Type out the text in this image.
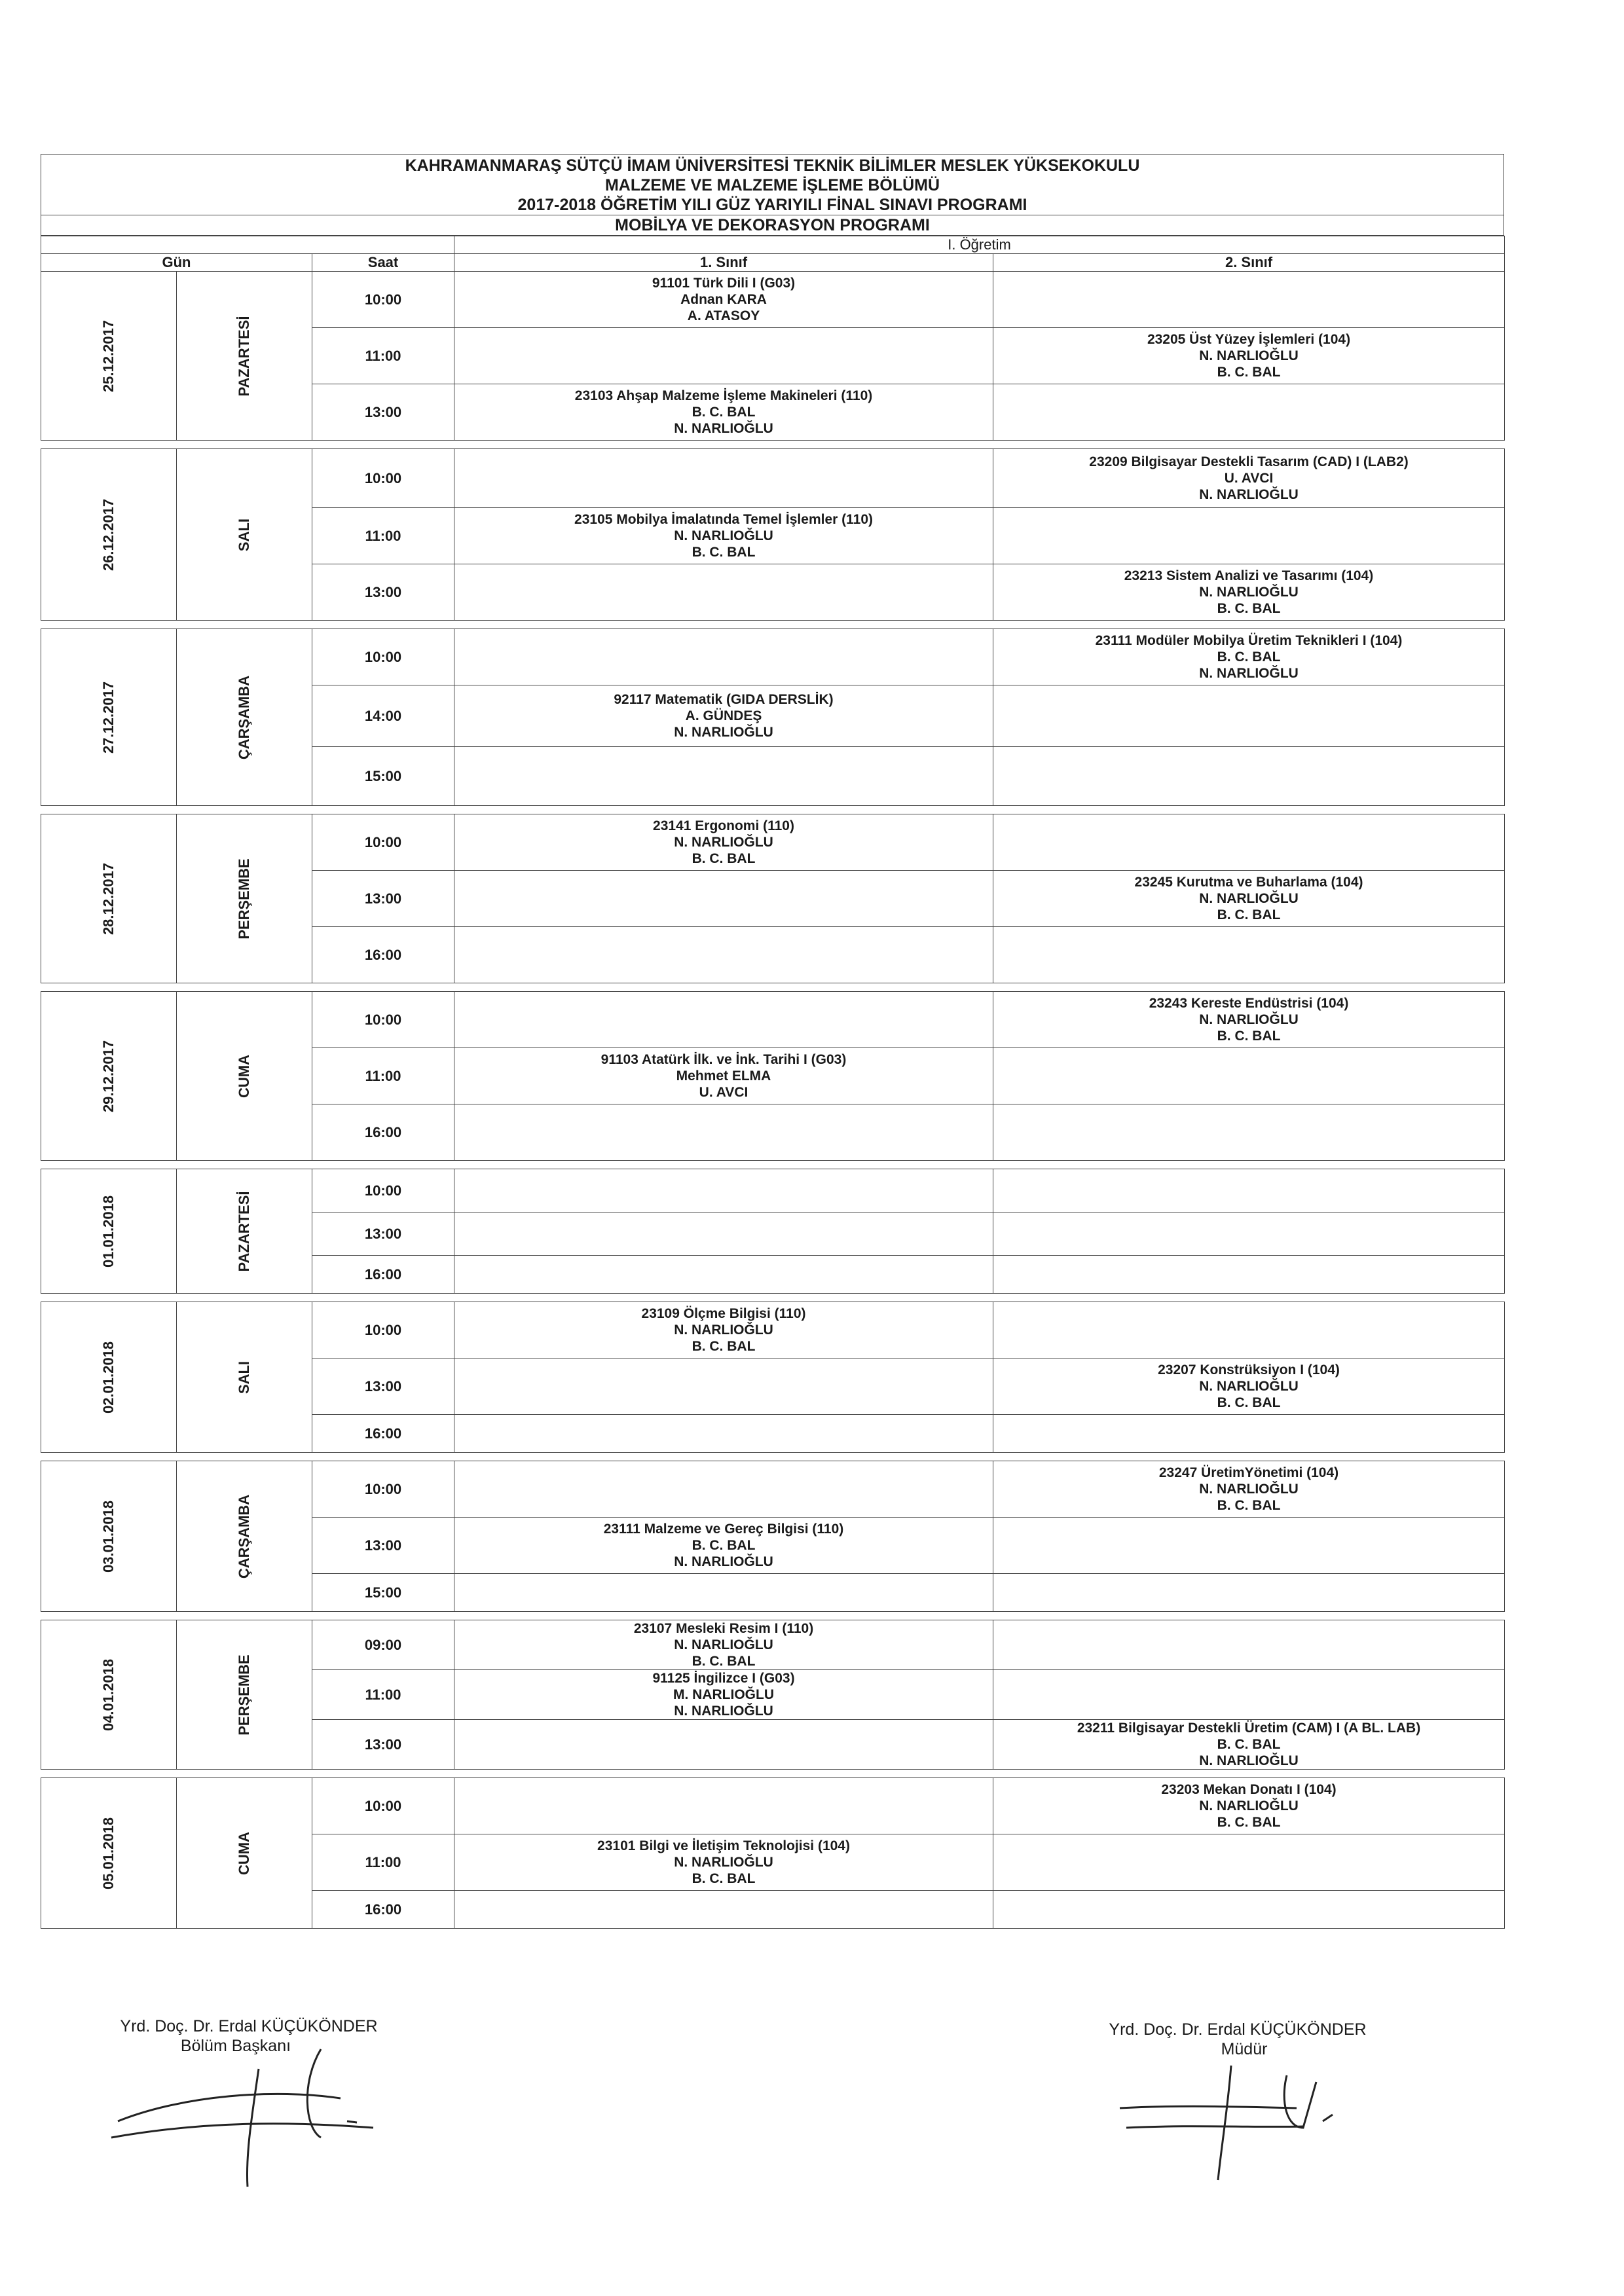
KAHRAMANMARAŞ SÜTÇÜ İMAM ÜNİVERSİTESİ TEKNİK BİLİMLER MESLEK YÜKSEKOKULU
MALZEME VE MALZEME İŞLEME BÖLÜMÜ
2017-2018 ÖĞRETİM YILI GÜZ YARIYILI FİNAL SINAVI PROGRAMI
MOBİLYA VE DEKORASYON PROGRAMI
			I. Öğretim	
Gün		Saat	1. Sınıf	2. Sınıf

25.12.2017	PAZARTESİ	10:00	91101 Türk Dili I (G03)
Adnan KARA
A. ATASOY	

		11:00		23205 Üst Yüzey İşlemleri (104)
N. NARLIOĞLU
B. C. BAL

		13:00	23103 Ahşap Malzeme İşleme Makineleri (110)
B. C. BAL
N. NARLIOĞLU	

26.12.2017	SALI	10:00		23209 Bilgisayar Destekli Tasarım (CAD) I (LAB2)
U. AVCI
N. NARLIOĞLU

		11:00	23105 Mobilya İmalatında Temel İşlemler (110)
N. NARLIOĞLU
B. C. BAL	

		13:00		23213 Sistem Analizi ve Tasarımı (104)
N. NARLIOĞLU
B. C. BAL

27.12.2017	ÇARŞAMBA	10:00		23111 Modüler Mobilya Üretim Teknikleri I (104)
B. C. BAL
N. NARLIOĞLU

		14:00	92117 Matematik (GIDA DERSLİK)
A. GÜNDEŞ
N. NARLIOĞLU	

		15:00		

28.12.2017	PERŞEMBE	10:00	23141 Ergonomi (110)
N. NARLIOĞLU
B. C. BAL	

		13:00		23245 Kurutma ve Buharlama (104)
N. NARLIOĞLU
B. C. BAL

		16:00		

29.12.2017	CUMA	10:00		23243 Kereste Endüstrisi (104)
N. NARLIOĞLU
B. C. BAL

		11:00	91103 Atatürk İlk. ve İnk. Tarihi I (G03)
Mehmet ELMA
U. AVCI	

		16:00		

01.01.2018	PAZARTESİ	10:00		
		13:00		
		16:00		

02.01.2018	SALI	10:00	23109 Ölçme Bilgisi (110)
N. NARLIOĞLU
B. C. BAL	

		13:00		23207 Konstrüksiyon I (104)
N. NARLIOĞLU
B. C. BAL

		16:00		

03.01.2018	ÇARŞAMBA	10:00		23247 ÜretimYönetimi (104)
N. NARLIOĞLU
B. C. BAL

		13:00	23111 Malzeme ve Gereç Bilgisi (110)
B. C. BAL
N. NARLIOĞLU	

		15:00		

04.01.2018	PERŞEMBE	09:00	23107 Mesleki Resim I (110)
N. NARLIOĞLU
B. C. BAL	

		11:00	91125 İngilizce I (G03)
M. NARLIOĞLU
N. NARLIOĞLU	

		13:00		23211 Bilgisayar Destekli Üretim (CAM) I (A BL. LAB)
B. C. BAL
N. NARLIOĞLU

05.01.2018	CUMA	10:00		23203 Mekan Donatı I (104)
N. NARLIOĞLU
B. C. BAL

		11:00	23101 Bilgi ve İletişim Teknolojisi (104)
N. NARLIOĞLU
B. C. BAL	

		16:00		
Yrd. Doç. Dr. Erdal KÜÇÜKÖNDER
Bölüm Başkanı
Yrd. Doç. Dr. Erdal KÜÇÜKÖNDER
Müdür
